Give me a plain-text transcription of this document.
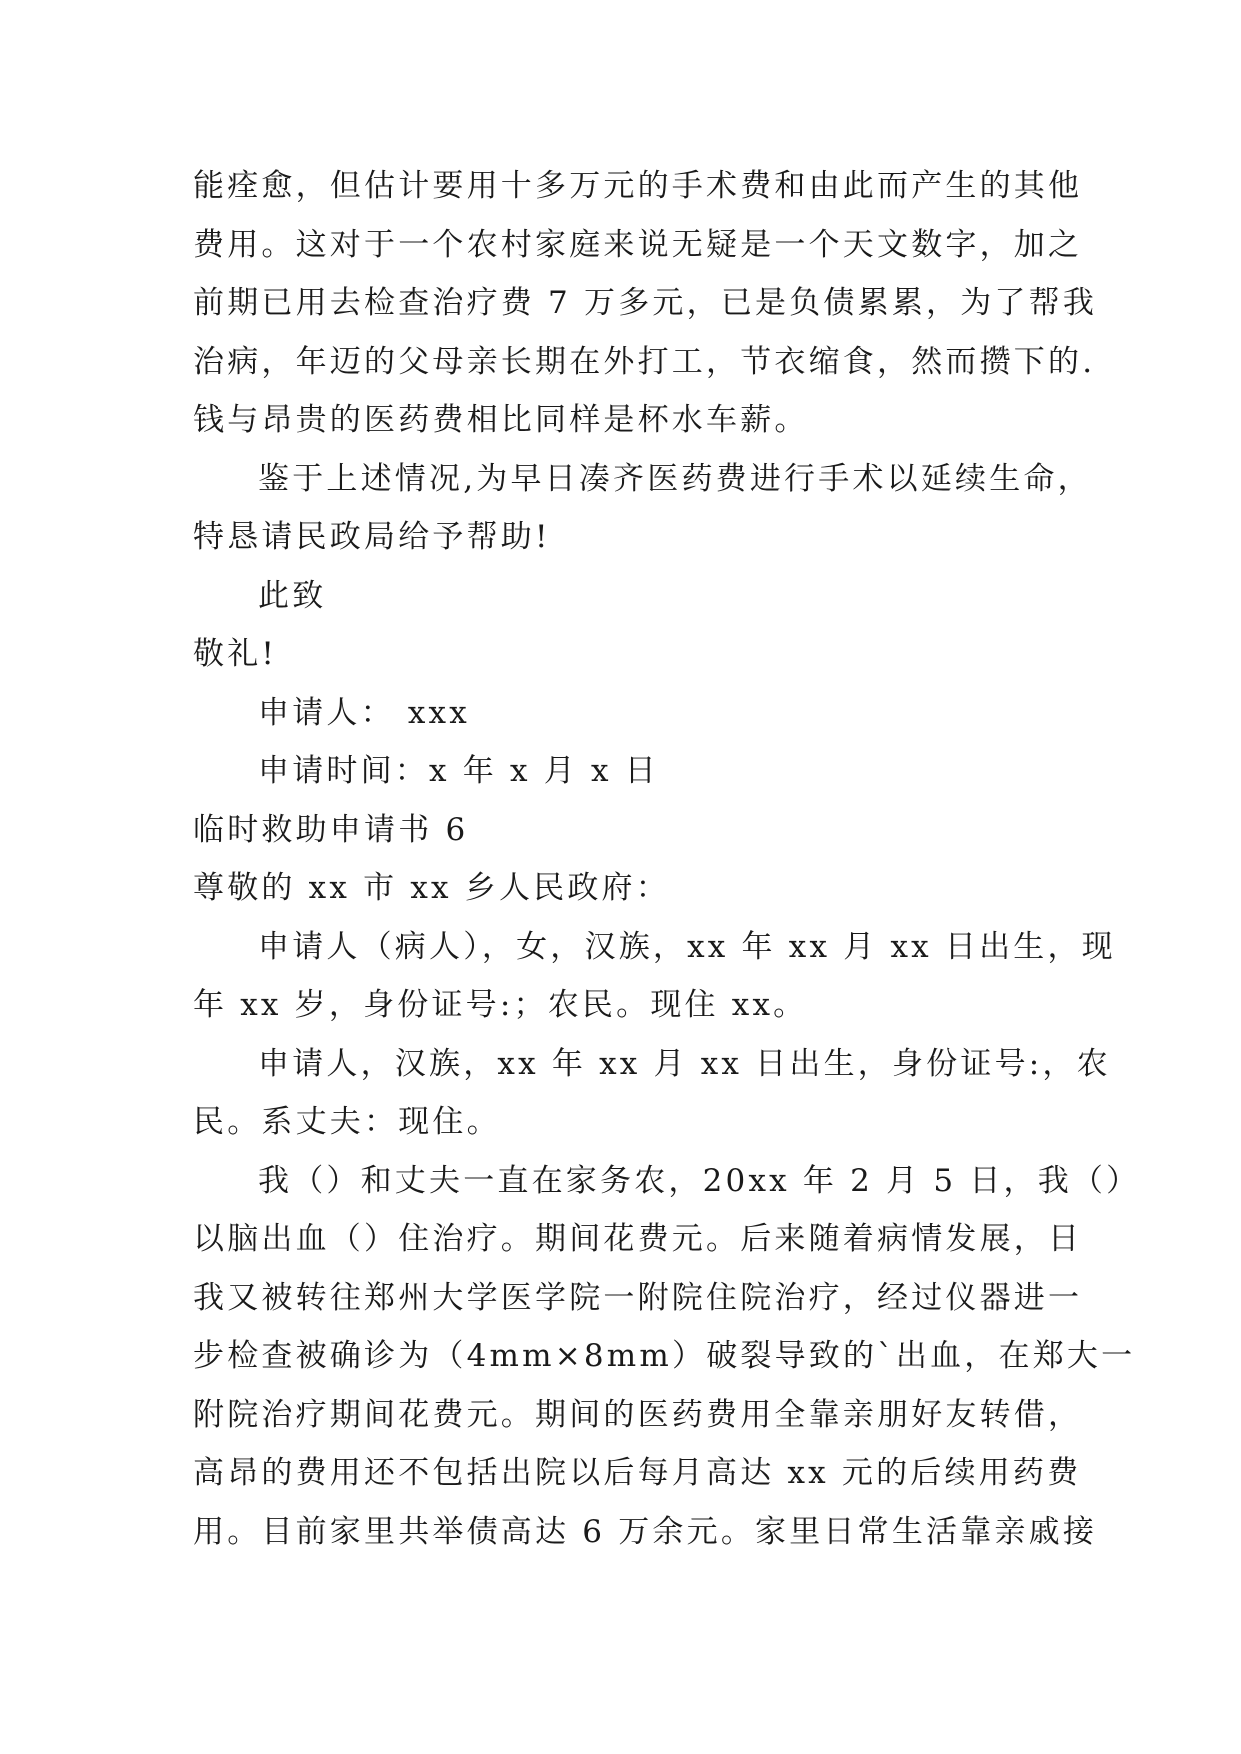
能痊愈，但估计要用十多万元的手术费和由此而产生的其他
费用。这对于一个农村家庭来说无疑是一个天文数字，加之
前期已用去检查治疗费 7 万多元，已是负债累累，为了帮我
治病，年迈的父母亲长期在外打工，节衣缩食，然而攒下的.
钱与昂贵的医药费相比同样是杯水车薪。
鉴于上述情况,为早日凑齐医药费进行手术以延续生命，
特恳请民政局给予帮助!
此致
敬礼!
申请人： xxx
申请时间：x 年 x 月 x 日
临时救助申请书 6
尊敬的 xx 市 xx 乡人民政府：
申请人（病人），女，汉族，xx 年 xx 月 xx 日出生，现
年 xx 岁，身份证号:；农民。现住 xx。
申请人，汉族，xx 年 xx 月 xx 日出生，身份证号:，农
民。系丈夫：现住。
我（）和丈夫一直在家务农，20xx 年 2 月 5 日，我（）
以脑出血（）住治疗。期间花费元。后来随着病情发展，日
我又被转往郑州大学医学院一附院住院治疗，经过仪器进一
步检查被确诊为（4mm×8mm）破裂导致的`出血，在郑大一
附院治疗期间花费元。期间的医药费用全靠亲朋好友转借，
高昂的费用还不包括出院以后每月高达 xx 元的后续用药费
用。目前家里共举债高达 6 万余元。家里日常生活靠亲戚接
